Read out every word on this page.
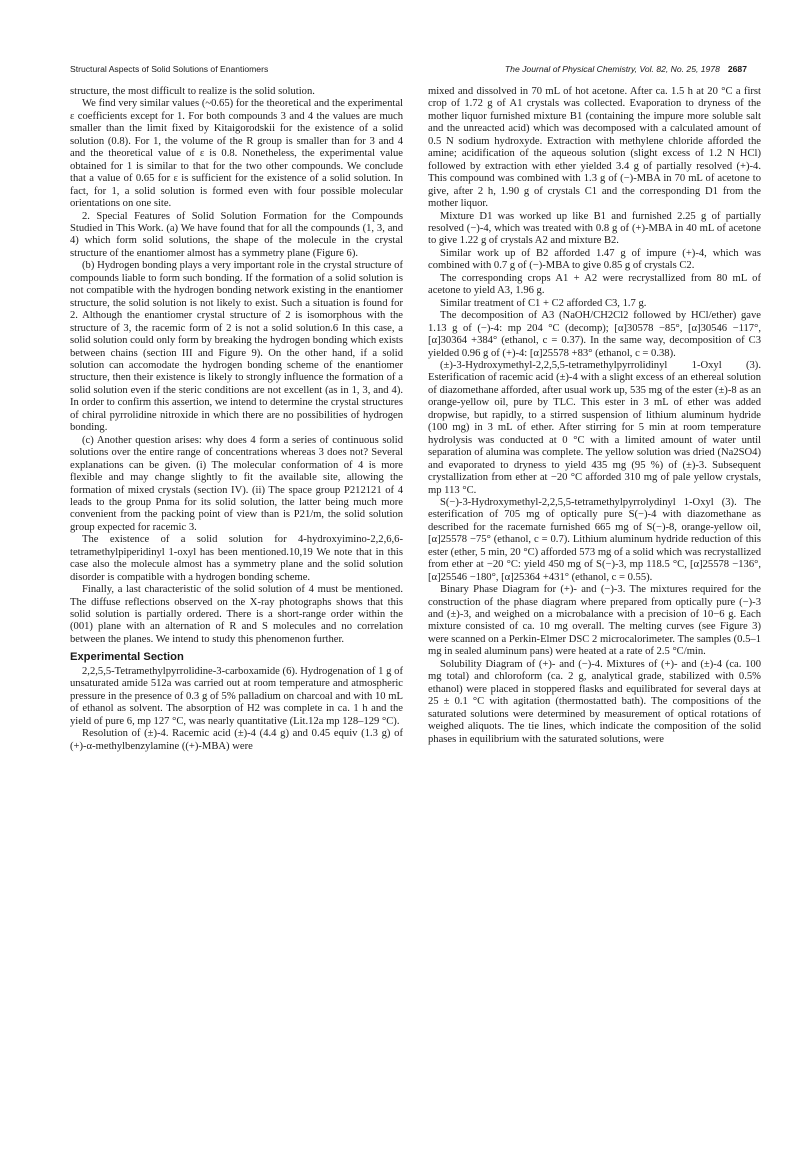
Structural Aspects of Solid Solutions of Enantiomers	The Journal of Physical Chemistry, Vol. 82, No. 25, 1978 2687

structure, the most difficult to realize is the solid solution.

We find very similar values (~0.65) for the theoretical and the experimental ε coefficients except for 1. For both compounds 3 and 4 the values are much smaller than the limit fixed by Kitaigorodskii for the existence of a solid solution (0.8). For 1, the volume of the R group is smaller than for 3 and 4 and the theoretical value of ε is 0.8. Nonetheless, the experimental value obtained for 1 is similar to that for the two other compounds. We conclude that a value of 0.65 for ε is sufficient for the existence of a solid solution. In fact, for 1, a solid solution is formed even with four possible molecular orientations on one site.

2. Special Features of Solid Solution Formation for the Compounds Studied in This Work. (a) We have found that for all the compounds (1, 3, and 4) which form solid solutions, the shape of the molecule in the crystal structure of the enantiomer almost has a symmetry plane (Figure 6).

(b) Hydrogen bonding plays a very important role in the crystal structure of compounds liable to form such bonding. If the formation of a solid solution is not compatible with the hydrogen bonding network existing in the enantiomer structure, the solid solution is not likely to exist. Such a situation is found for 2. Although the enantiomer crystal structure of 2 is isomorphous with the structure of 3, the racemic form of 2 is not a solid solution.6 In this case, a solid solution could only form by breaking the hydrogen bonding which exists between chains (section III and Figure 9). On the other hand, if a solid solution can accomodate the hydrogen bonding scheme of the enantiomer structure, then their existence is likely to strongly influence the formation of a solid solution even if the steric conditions are not excellent (as in 1, 3, and 4). In order to confirm this assertion, we intend to determine the crystal structures of chiral pyrrolidine nitroxide in which there are no possibilities of hydrogen bonding.

(c) Another question arises: why does 4 form a series of continuous solid solutions over the entire range of concentrations whereas 3 does not? Several explanations can be given. (i) The molecular conformation of 4 is more flexible and may change slightly to fit the available site, allowing the formation of mixed crystals (section IV). (ii) The space group P212121 of 4 leads to the group Pnma for its solid solution, the latter being much more convenient from the packing point of view than is P21/m, the solid solution group expected for racemic 3.

The existence of a solid solution for 4-hydroxyimino-2,2,6,6-tetramethylpiperidinyl 1-oxyl has been mentioned.10,19 We note that in this case also the molecule almost has a symmetry plane and the solid solution disorder is compatible with a hydrogen bonding scheme.

Finally, a last characteristic of the solid solution of 4 must be mentioned. The diffuse reflections observed on the X-ray photographs shows that this solid solution is partially ordered. There is a short-range order within the (001) plane with an alternation of R and S molecules and no correlation between the planes. We intend to study this phenomenon further.

Experimental Section

2,2,5,5-Tetramethylpyrrolidine-3-carboxamide (6). Hydrogenation of 1 g of unsaturated amide 512a was carried out at room temperature and atmospheric pressure in the presence of 0.3 g of 5% palladium on charcoal and with 10 mL of ethanol as solvent. The absorption of H2 was complete in ca. 1 h and the yield of pure 6, mp 127 °C, was nearly quantitative (Lit.12a mp 128–129 °C).

Resolution of (±)-4. Racemic acid (±)-4 (4.4 g) and 0.45 equiv (1.3 g) of (+)-α-methylbenzylamine ((+)-MBA) were

mixed and dissolved in 70 mL of hot acetone. After ca. 1.5 h at 20 °C a first crop of 1.72 g of A1 crystals was collected. Evaporation to dryness of the mother liquor furnished mixture B1 (containing the impure more soluble salt and the unreacted acid) which was decomposed with a calculated amount of 0.5 N sodium hydroxyde. Extraction with methylene chloride afforded the amine; acidification of the aqueous solution (slight excess of 1.2 N HCl) followed by extraction with ether yielded 3.4 g of partially resolved (+)-4. This compound was combined with 1.3 g of (−)-MBA in 70 mL of acetone to give, after 2 h, 1.90 g of crystals C1 and the corresponding D1 from the mother liquor.

Mixture D1 was worked up like B1 and furnished 2.25 g of partially resolved (−)-4, which was treated with 0.8 g of (+)-MBA in 40 mL of acetone to give 1.22 g of crystals A2 and mixture B2.

Similar work up of B2 afforded 1.47 g of impure (+)-4, which was combined with 0.7 g of (−)-MBA to give 0.85 g of crystals C2.

The corresponding crops A1 + A2 were recrystallized from 80 mL of acetone to yield A3, 1.96 g.

Similar treatment of C1 + C2 afforded C3, 1.7 g.

The decomposition of A3 (NaOH/CH2Cl2 followed by HCl/ether) gave 1.13 g of (−)-4: mp 204 °C (decomp); [α]30578 −85°, [α]30546 −117°, [α]30364 +384° (ethanol, c = 0.37). In the same way, decomposition of C3 yielded 0.96 g of (+)-4: [α]25578 +83° (ethanol, c = 0.38).

(±)-3-Hydroxymethyl-2,2,5,5-tetramethylpyrrolidinyl 1-Oxyl (3). Esterification of racemic acid (±)-4 with a slight excess of an ethereal solution of diazomethane afforded, after usual work up, 535 mg of the ester (±)-8 as an orange-yellow oil, pure by TLC. This ester in 3 mL of ether was added dropwise, but rapidly, to a stirred suspension of lithium aluminum hydride (100 mg) in 3 mL of ether. After stirring for 5 min at room temperature hydrolysis was conducted at 0 °C with a limited amount of water until separation of alumina was complete. The yellow solution was dried (Na2SO4) and evaporated to dryness to yield 435 mg (95 %) of (±)-3. Subsequent crystallization from ether at −20 °C afforded 310 mg of pale yellow crystals, mp 113 °C.

S(−)-3-Hydroxymethyl-2,2,5,5-tetramethylpyrrolydinyl 1-Oxyl (3). The esterification of 705 mg of optically pure S(−)-4 with diazomethane as described for the racemate furnished 665 mg of S(−)-8, orange-yellow oil, [α]25578 −75° (ethanol, c = 0.7). Lithium aluminum hydride reduction of this ester (ether, 5 min, 20 °C) afforded 573 mg of a solid which was recrystallized from ether at −20 °C: yield 450 mg of S(−)-3, mp 118.5 °C, [α]25578 −136°, [α]25546 −180°, [α]25364 +431° (ethanol, c = 0.55).

Binary Phase Diagram for (+)- and (−)-3. The mixtures required for the construction of the phase diagram where prepared from optically pure (−)-3 and (±)-3, and weighed on a microbalance with a precision of 10−6 g. Each mixture consisted of ca. 10 mg overall. The melting curves (see Figure 3) were scanned on a Perkin-Elmer DSC 2 microcalorimeter. The samples (0.5–1 mg in sealed aluminum pans) were heated at a rate of 2.5 °C/min.

Solubility Diagram of (+)- and (−)-4. Mixtures of (+)- and (±)-4 (ca. 100 mg total) and chloroform (ca. 2 g, analytical grade, stabilized with 0.5% ethanol) were placed in stoppered flasks and equilibrated for several days at 25 ± 0.1 °C with agitation (thermostatted bath). The compositions of the saturated solutions were determined by measurement of optical rotations of weighed aliquots. The tie lines, which indicate the composition of the solid phases in equilibrium with the saturated solutions, were
